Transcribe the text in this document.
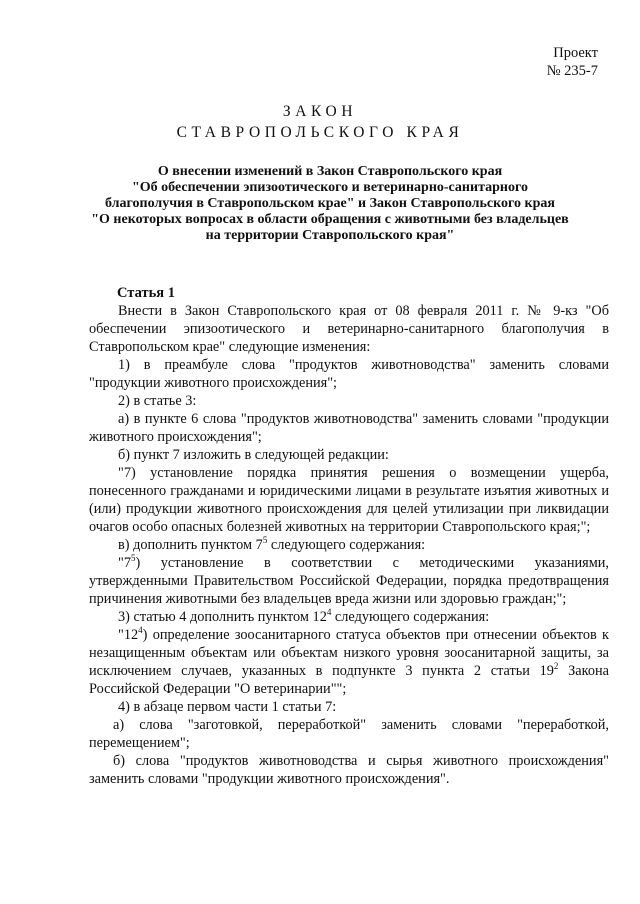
Проект
№ 235-7
ЗАКОН
СТАВРОПОЛЬСКОГО КРАЯ
О внесении изменений в Закон Ставропольского края
"Об обеспечении эпизоотического и ветеринарно-санитарного
благополучия в Ставропольском крае" и Закон Ставропольского края
"О некоторых вопросах в области обращения с животными без владельцев
на территории Ставропольского края"
Статья 1

Внести в Закон Ставропольского края от 08 февраля 2011 г. № 9-кз "Об обеспечении эпизоотического и ветеринарно-санитарного благополучия в Ставропольском крае" следующие изменения:

1) в преамбуле слова "продуктов животноводства" заменить словами "продукции животного происхождения";

2) в статье 3:

а) в пункте 6 слова "продуктов животноводства" заменить словами "продукции животного происхождения";

б) пункт 7 изложить в следующей редакции:

"7) установление порядка принятия решения о возмещении ущерба, понесенного гражданами и юридическими лицами в результате изъятия животных и (или) продукции животного происхождения для целей утилизации при ликвидации очагов особо опасных болезней животных на территории Ставропольского края;";

в) дополнить пунктом $7^5$ следующего содержания:

"$7^5$) установление в соответствии с методическими указаниями, утвержденными Правительством Российской Федерации, порядка предотвращения причинения животными без владельцев вреда жизни или здоровью граждан;";

3) статью 4 дополнить пунктом $12^4$ следующего содержания:

"$12^4$) определение зоосанитарного статуса объектов при отнесении объектов к незащищенным объектам или объектам низкого уровня зоосанитарной защиты, за исключением случаев, указанных в подпункте 3 пункта 2 статьи $19^2$ Закона Российской Федерации "О ветеринарии"";

4) в абзаце первом части 1 статьи 7:

а) слова "заготовкой, переработкой" заменить словами "переработкой, перемещением";

б) слова "продуктов животноводства и сырья животного происхождения" заменить словами "продукции животного происхождения".
